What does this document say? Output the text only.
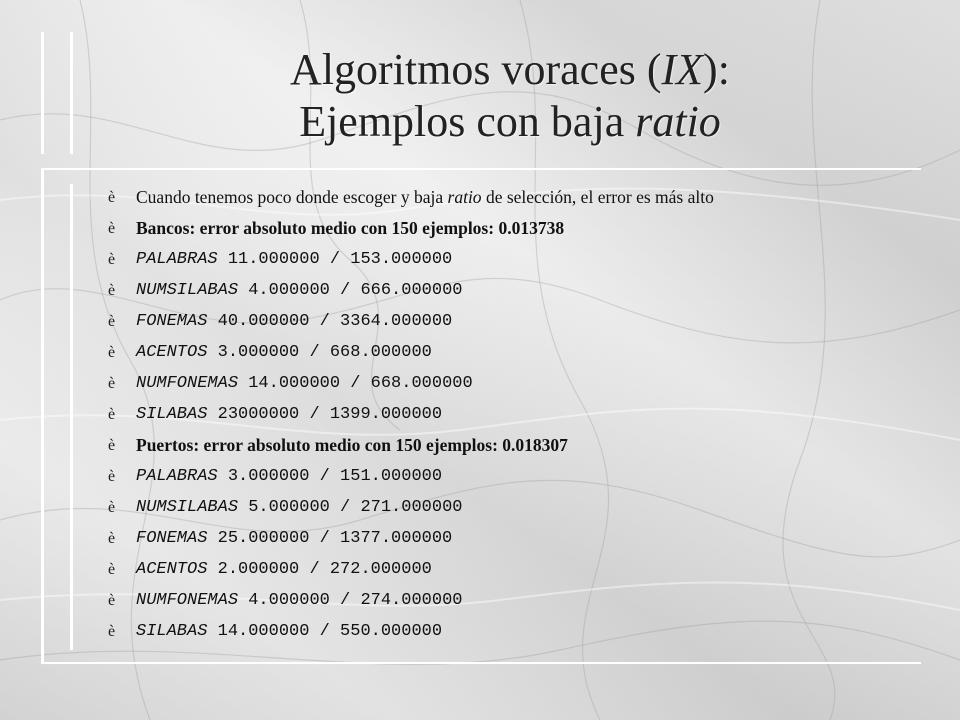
Algoritmos voraces (IX):
Ejemplos con baja ratio
è	Cuando tenemos poco donde escoger y baja ratio de selección, el error es más alto
è	Bancos: error absoluto medio con 150 ejemplos: 0.013738
è	PALABRAS 11.000000 / 153.000000
è	NUMSILABAS 4.000000 / 666.000000
è	FONEMAS 40.000000 / 3364.000000
è	ACENTOS 3.000000 / 668.000000
è	NUMFONEMAS 14.000000 / 668.000000
è	SILABAS 23000000 / 1399.000000
è	Puertos: error absoluto medio con 150 ejemplos: 0.018307
è	PALABRAS 3.000000 / 151.000000
è	NUMSILABAS 5.000000 / 271.000000
è	FONEMAS 25.000000 / 1377.000000
è	ACENTOS 2.000000 / 272.000000
è	NUMFONEMAS 4.000000 / 274.000000
è	SILABAS 14.000000 / 550.000000
